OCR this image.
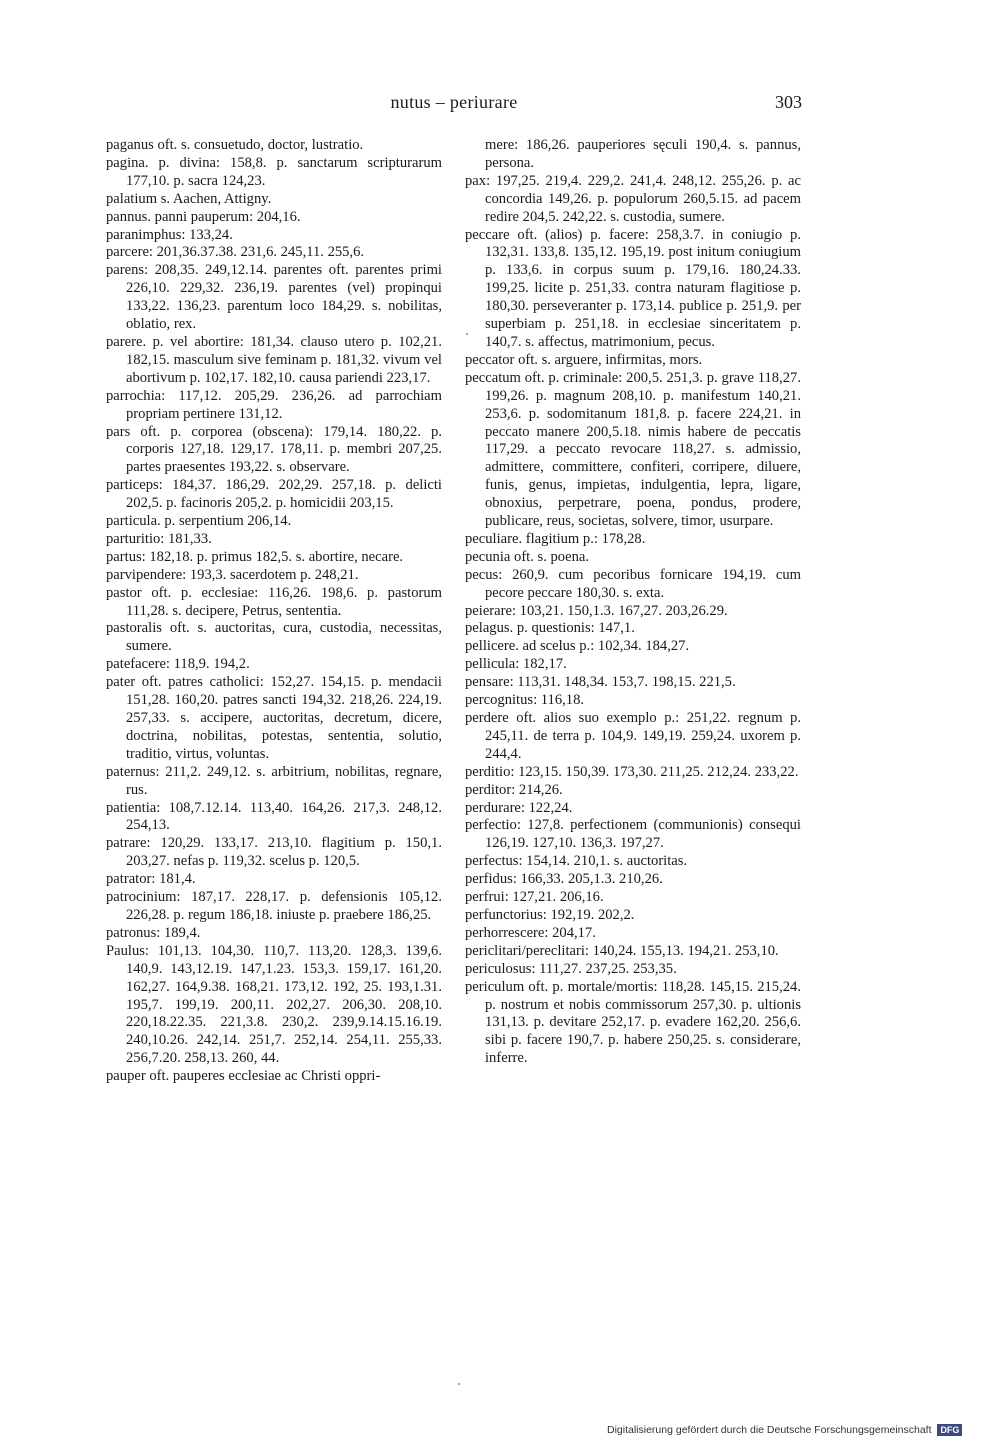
nutus – periurare	303
paganus oft. s. consuetudo, doctor, lustratio.
pagina. p. divina: 158,8. p. sanctarum scripturarum 177,10. p. sacra 124,23.
palatium s. Aachen, Attigny.
pannus. panni pauperum: 204,16.
paranimphus: 133,24.
parcere: 201,36.37.38. 231,6. 245,11. 255,6.
parens: 208,35. 249,12.14. parentes oft. parentes primi 226,10. 229,32. 236,19. parentes (vel) propinqui 133,22. 136,23. parentum loco 184,29. s. nobilitas, oblatio, rex.
parere. p. vel abortire: 181,34. clauso utero p. 102,21. 182,15. masculum sive feminam p. 181,32. vivum vel abortivum p. 102,17. 182,10. causa pariendi 223,17.
parrochia: 117,12. 205,29. 236,26. ad parrochiam propriam pertinere 131,12.
pars oft. p. corporea (obscena): 179,14. 180,22. p. corporis 127,18. 129,17. 178,11. p. membri 207,25. partes praesentes 193,22. s. observare.
particeps: 184,37. 186,29. 202,29. 257,18. p. delicti 202,5. p. facinoris 205,2. p. homicidii 203,15.
particula. p. serpentium 206,14.
parturitio: 181,33.
partus: 182,18. p. primus 182,5. s. abortire, necare.
parvipendere: 193,3. sacerdotem p. 248,21.
pastor oft. p. ecclesiae: 116,26. 198,6. p. pastorum 111,28. s. decipere, Petrus, sententia.
pastoralis oft. s. auctoritas, cura, custodia, necessitas, sumere.
patefacere: 118,9. 194,2.
pater oft. patres catholici: 152,27. 154,15. p. mendacii 151,28. 160,20. patres sancti 194,32. 218,26. 224,19. 257,33. s. accipere, auctoritas, decretum, dicere, doctrina, nobilitas, potestas, sententia, solutio, traditio, virtus, voluntas.
paternus: 211,2. 249,12. s. arbitrium, nobilitas, regnare, rus.
patientia: 108,7.12.14. 113,40. 164,26. 217,3. 248,12. 254,13.
patrare: 120,29. 133,17. 213,10. flagitium p. 150,1. 203,27. nefas p. 119,32. scelus p. 120,5.
patrator: 181,4.
patrocinium: 187,17. 228,17. p. defensionis 105,12. 226,28. p. regum 186,18. iniuste p. praebere 186,25.
patronus: 189,4.
Paulus: 101,13. 104,30. 110,7. 113,20. 128,3. 139,6. 140,9. 143,12.19. 147,1.23. 153,3. 159,17. 161,20. 162,27. 164,9.38. 168,21. 173,12. 192, 25. 193,1.31. 195,7. 199,19. 200,11. 202,27. 206,30. 208,10. 220,18.22.35. 221,3.8. 230,2. 239,9.14.15.16.19. 240,10.26. 242,14. 251,7. 252,14. 254,11. 255,33. 256,7.20. 258,13. 260, 44.
pauper oft. pauperes ecclesiae ac Christi oppri-
mere: 186,26. pauperiores sęculi 190,4. s. pannus, persona.
pax: 197,25. 219,4. 229,2. 241,4. 248,12. 255,26. p. ac concordia 149,26. p. populorum 260,5.15. ad pacem redire 204,5. 242,22. s. custodia, sumere.
peccare oft. (alios) p. facere: 258,3.7. in coniugio p. 132,31. 133,8. 135,12. 195,19. post initum coniugium p. 133,6. in corpus suum p. 179,16. 180,24.33. 199,25. licite p. 251,33. contra naturam flagitiose p. 180,30. perseveranter p. 173,14. publice p. 251,9. per superbiam p. 251,18. in ecclesiae sinceritatem p. 140,7. s. affectus, matrimonium, pecus.
peccator oft. s. arguere, infirmitas, mors.
peccatum oft. p. criminale: 200,5. 251,3. p. grave 118,27. 199,26. p. magnum 208,10. p. manifestum 140,21. 253,6. p. sodomitanum 181,8. p. facere 224,21. in peccato manere 200,5.18. nimis habere de peccatis 117,29. a peccato revocare 118,27. s. admissio, admittere, committere, confiteri, corripere, diluere, funis, genus, impietas, indulgentia, lepra, ligare, obnoxius, perpetrare, poena, pondus, prodere, publicare, reus, societas, solvere, timor, usurpare.
peculiare. flagitium p.: 178,28.
pecunia oft. s. poena.
pecus: 260,9. cum pecoribus fornicare 194,19. cum pecore peccare 180,30. s. exta.
peierare: 103,21. 150,1.3. 167,27. 203,26.29.
pelagus. p. questionis: 147,1.
pellicere. ad scelus p.: 102,34. 184,27.
pellicula: 182,17.
pensare: 113,31. 148,34. 153,7. 198,15. 221,5.
percognitus: 116,18.
perdere oft. alios suo exemplo p.: 251,22. regnum p. 245,11. de terra p. 104,9. 149,19. 259,24. uxorem p. 244,4.
perditio: 123,15. 150,39. 173,30. 211,25. 212,24. 233,22.
perditor: 214,26.
perdurare: 122,24.
perfectio: 127,8. perfectionem (communionis) consequi 126,19. 127,10. 136,3. 197,27.
perfectus: 154,14. 210,1. s. auctoritas.
perfidus: 166,33. 205,1.3. 210,26.
perfrui: 127,21. 206,16.
perfunctorius: 192,19. 202,2.
perhorrescere: 204,17.
periclitari/pereclitari: 140,24. 155,13. 194,21. 253,10.
periculosus: 111,27. 237,25. 253,35.
periculum oft. p. mortale/mortis: 118,28. 145,15. 215,24. p. nostrum et nobis commissorum 257,30. p. ultionis 131,13. p. devitare 252,17. p. evadere 162,20. 256,6. sibi p. facere 190,7. p. habere 250,25. s. considerare, inferre.
Digitalisierung gefördert durch die Deutsche Forschungsgemeinschaft DFG
